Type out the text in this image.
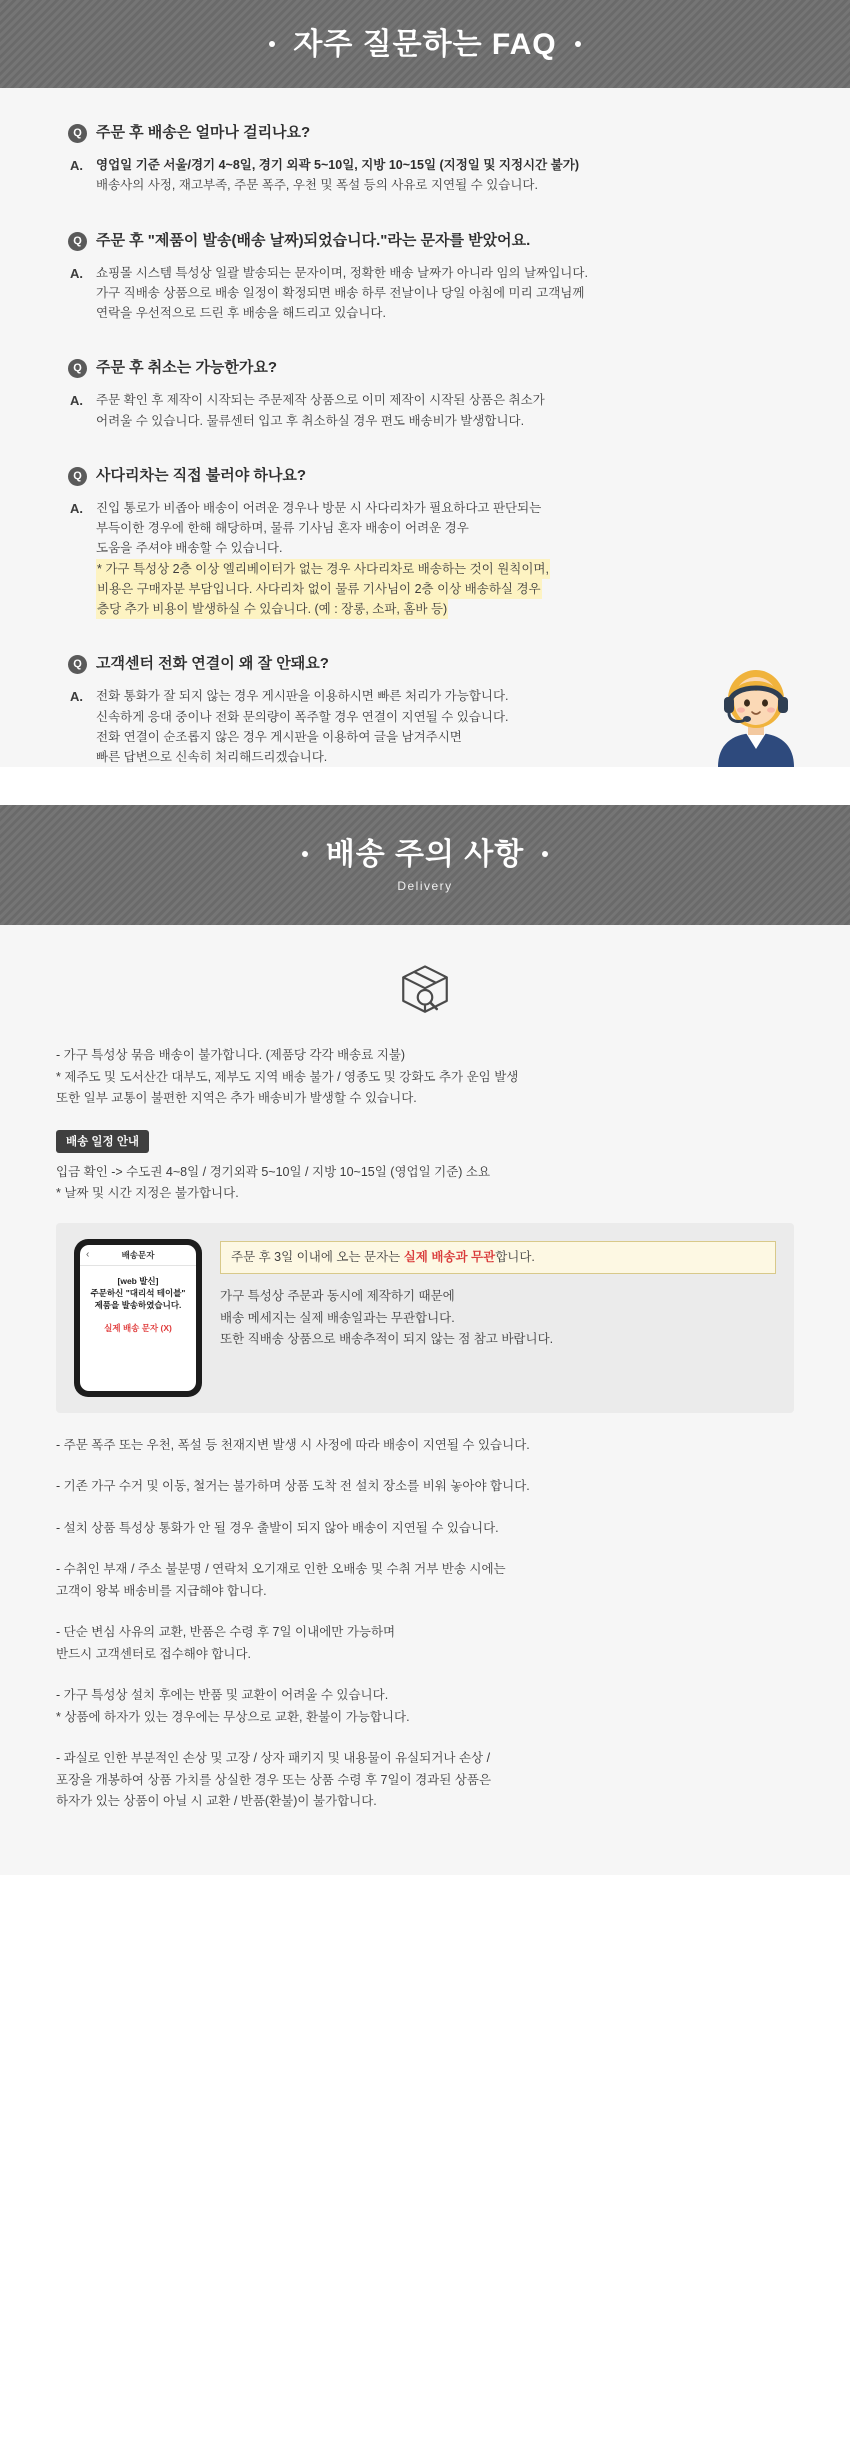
자주 질문하는 FAQ
Q 주문 후 배송은 얼마나 걸리나요?
A.	영업일 기준 서울/경기 4~8일, 경기 외곽 5~10일, 지방 10~15일 (지정일 및 지정시간 불가)
배송사의 사정, 재고부족, 주문 폭주, 우천 및 폭설 등의 사유로 지연될 수 있습니다.
Q 주문 후 "제품이 발송(배송 날짜)되었습니다."라는 문자를 받았어요.
A.	쇼핑몰 시스템 특성상 일괄 발송되는 문자이며, 정확한 배송 날짜가 아니라 임의 날짜입니다.
가구 직배송 상품으로 배송 일정이 확정되면 배송 하루 전날이나 당일 아침에 미리 고객님께
연락을 우선적으로 드린 후 배송을 해드리고 있습니다.
Q 주문 후 취소는 가능한가요?
A.	주문 확인 후 제작이 시작되는 주문제작 상품으로 이미 제작이 시작된 상품은 취소가
어려울 수 있습니다. 물류센터 입고 후 취소하실 경우 편도 배송비가 발생합니다.
Q 사다리차는 직접 불러야 하나요?
A.	진입 통로가 비좁아 배송이 어려운 경우나 방문 시 사다리차가 필요하다고 판단되는
부득이한 경우에 한해 해당하며, 물류 기사님 혼자 배송이 어려운 경우
도움을 주셔야 배송할 수 있습니다.
* 가구 특성상 2층 이상 엘리베이터가 없는 경우 사다리차로 배송하는 것이 원칙이며, 비용은 구매자분 부담입니다. 사다리차 없이 물류 기사님이 2층 이상 배송하실 경우 층당 추가 비용이 발생하실 수 있습니다. (예 : 장롱, 소파, 홈바 등)
Q 고객센터 전화 연결이 왜 잘 안돼요?
A.	전화 통화가 잘 되지 않는 경우 게시판을 이용하시면 빠른 처리가 가능합니다.
신속하게 응대 중이나 전화 문의량이 폭주할 경우 연결이 지연될 수 있습니다.
전화 연결이 순조롭지 않은 경우 게시판을 이용하여 글을 남겨주시면
빠른 답변으로 신속히 처리해드리겠습니다.
배송 주의 사항
Delivery
- 가구 특성상 묶음 배송이 불가합니다. (제품당 각각 배송료 지불)
* 제주도 및 도서산간 대부도, 제부도 지역 배송 불가 / 영종도 및 강화도 추가 운임 발생
또한 일부 교통이 불편한 지역은 추가 배송비가 발생할 수 있습니다.
배송 일정 안내
입금 확인 -> 수도권 4~8일 / 경기외곽 5~10일 / 지방 10~15일 (영업일 기준) 소요
* 날짜 및 시간 지정은 불가합니다.
‹	배송문자
[web 발신]
주문하신 "대리석 테이블"
제품을 발송하였습니다.
실제 배송 문자 (X)
주문 후 3일 이내에 오는 문자는 실제 배송과 무관합니다.
가구 특성상 주문과 동시에 제작하기 때문에
배송 메세지는 실제 배송일과는 무관합니다.
또한 직배송 상품으로 배송추적이 되지 않는 점 참고 바랍니다.
- 주문 폭주 또는 우천, 폭설 등 천재지변 발생 시 사정에 따라 배송이 지연될 수 있습니다.
- 기존 가구 수거 및 이동, 철거는 불가하며 상품 도착 전 설치 장소를 비워 놓아야 합니다.
- 설치 상품 특성상 통화가 안 될 경우 출발이 되지 않아 배송이 지연될 수 있습니다.
- 수취인 부재 / 주소 불분명 / 연락처 오기재로 인한 오배송 및 수취 거부 반송 시에는
고객이 왕복 배송비를 지급해야 합니다.
- 단순 변심 사유의 교환, 반품은 수령 후 7일 이내에만 가능하며
반드시 고객센터로 접수해야 합니다.
- 가구 특성상 설치 후에는 반품 및 교환이 어려울 수 있습니다.
* 상품에 하자가 있는 경우에는 무상으로 교환, 환불이 가능합니다.
- 과실로 인한 부분적인 손상 및 고장 / 상자 패키지 및 내용물이 유실되거나 손상 /
포장을 개봉하여 상품 가치를 상실한 경우 또는 상품 수령 후 7일이 경과된 상품은
하자가 있는 상품이 아닐 시 교환 / 반품(환불)이 불가합니다.
